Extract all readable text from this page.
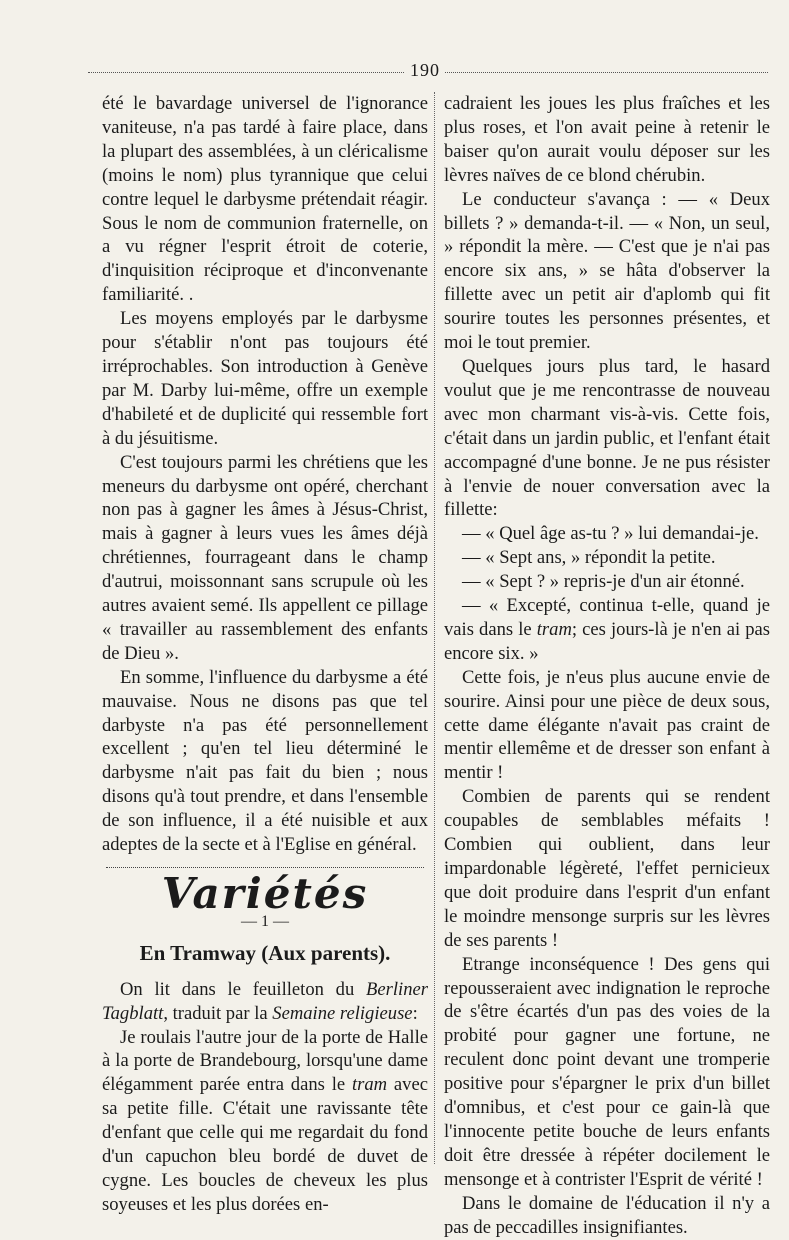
190

été le bavardage universel de l'ignorance vaniteuse, n'a pas tardé à faire place, dans la plupart des assemblées, à un cléricalisme (moins le nom) plus tyrannique que celui contre lequel le darbysme prétendait réagir. Sous le nom de communion fraternelle, on a vu régner l'esprit étroit de coterie, d'inquisition réciproque et d'inconvenante familiarité. .

Les moyens employés par le darbysme pour s'établir n'ont pas toujours été irréprochables. Son introduction à Genève par M. Darby lui-même, offre un exemple d'habileté et de duplicité qui ressemble fort à du jésuitisme.

C'est toujours parmi les chrétiens que les meneurs du darbysme ont opéré, cherchant non pas à gagner les âmes à Jésus-Christ, mais à gagner à leurs vues les âmes déjà chrétiennes, fourrageant dans le champ d'autrui, moissonnant sans scrupule où les autres avaient semé. Ils appellent ce pillage « travailler au rassemblement des enfants de Dieu ».

En somme, l'influence du darbysme a été mauvaise. Nous ne disons pas que tel darbyste n'a pas été personnellement excellent ; qu'en tel lieu déterminé le darbysme n'ait pas fait du bien ; nous disons qu'à tout prendre, et dans l'ensemble de son influence, il a été nuisible et aux adeptes de la secte et à l'Eglise en général.

Variétés
— 1 —
En Tramway (Aux parents).

On lit dans le feuilleton du Berliner Tagblatt, traduit par la Semaine religieuse:

Je roulais l'autre jour de la porte de Halle à la porte de Brandebourg, lorsqu'une dame élégamment parée entra dans le tram avec sa petite fille. C'était une ravissante tête d'enfant que celle qui me regardait du fond d'un capuchon bleu bordé de duvet de cygne. Les boucles de cheveux les plus soyeuses et les plus dorées en-

cadraient les joues les plus fraîches et les plus roses, et l'on avait peine à retenir le baiser qu'on aurait voulu déposer sur les lèvres naïves de ce blond chérubin.

Le conducteur s'avança : — « Deux billets ? » demanda-t-il. — « Non, un seul, » répondit la mère. — C'est que je n'ai pas encore six ans, » se hâta d'observer la fillette avec un petit air d'aplomb qui fit sourire toutes les personnes présentes, et moi le tout premier.

Quelques jours plus tard, le hasard voulut que je me rencontrasse de nouveau avec mon charmant vis-à-vis. Cette fois, c'était dans un jardin public, et l'enfant était accompagné d'une bonne. Je ne pus résister à l'envie de nouer conversation avec la fillette:

— « Quel âge as-tu ? » lui demandai-je.

— « Sept ans, » répondit la petite.

— « Sept ? » repris-je d'un air étonné.

— « Excepté, continua t-elle, quand je vais dans le tram; ces jours-là je n'en ai pas encore six. »

Cette fois, je n'eus plus aucune envie de sourire. Ainsi pour une pièce de deux sous, cette dame élégante n'avait pas craint de mentir ellemême et de dresser son enfant à mentir !

Combien de parents qui se rendent coupables de semblables méfaits ! Combien qui oublient, dans leur impardonable légèreté, l'effet pernicieux que doit produire dans l'esprit d'un enfant le moindre mensonge surpris sur les lèvres de ses parents !

Etrange inconséquence ! Des gens qui repousseraient avec indignation le reproche de s'être écartés d'un pas des voies de la probité pour gagner une fortune, ne reculent donc point devant une tromperie positive pour s'épargner le prix d'un billet d'omnibus, et c'est pour ce gain-là que l'innocente petite bouche de leurs enfants doit être dressée à répéter docilement le mensonge et à contrister l'Esprit de vérité !

Dans le domaine de l'éducation il n'y a pas de peccadilles insignifiantes.
